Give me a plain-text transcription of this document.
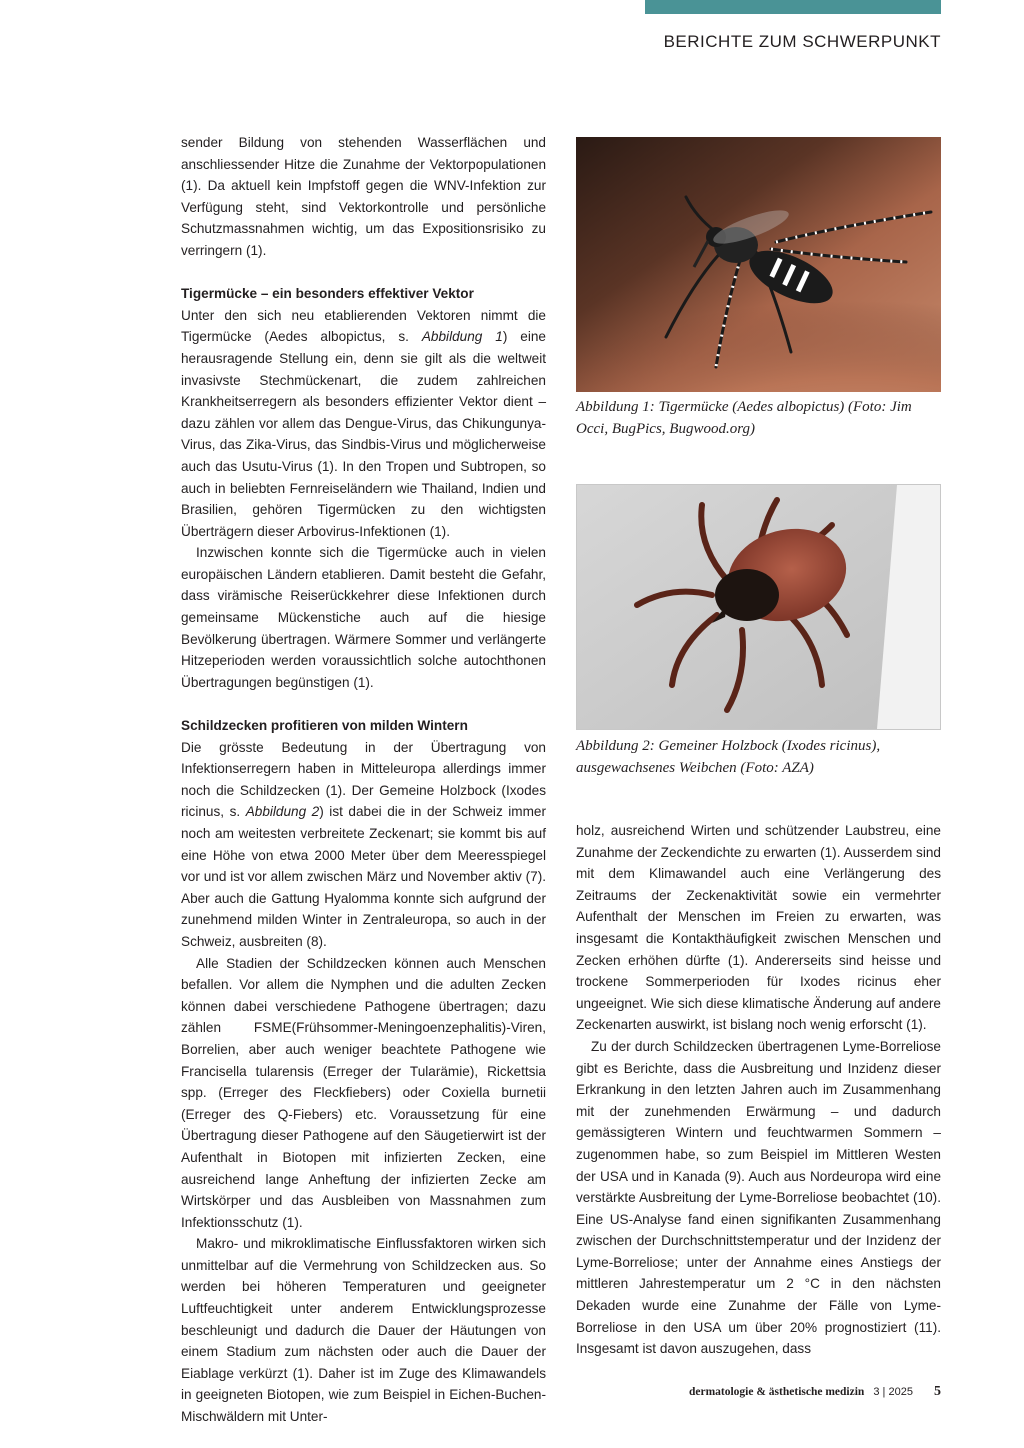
BERICHTE ZUM SCHWERPUNKT

sender Bildung von stehenden Wasserflächen und anschliessender Hitze die Zunahme der Vektorpopulationen (1). Da aktuell kein Impfstoff gegen die WNV-Infektion zur Verfügung steht, sind Vektorkontrolle und persönliche Schutzmassnahmen wichtig, um das Expositionsrisiko zu verringern (1).

Tigermücke – ein besonders effektiver Vektor

Unter den sich neu etablierenden Vektoren nimmt die Tigermücke (Aedes albopictus, s. Abbildung 1) eine herausragende Stellung ein, denn sie gilt als die weltweit invasivste Stechmückenart, die zudem zahlreichen Krankheitserregern als besonders effizienter Vektor dient – dazu zählen vor allem das Dengue-Virus, das Chikungunya-Virus, das Zika-Virus, das Sindbis-Virus und möglicherweise auch das Usutu-Virus (1). In den Tropen und Subtropen, so auch in beliebten Fernreiseländern wie Thailand, Indien und Brasilien, gehören Tigermücken zu den wichtigsten Überträgern dieser Arbovirus-Infektionen (1).

Inzwischen konnte sich die Tigermücke auch in vielen europäischen Ländern etablieren. Damit besteht die Gefahr, dass virämische Reiserückkehrer diese Infektionen durch gemeinsame Mückenstiche auch auf die hiesige Bevölkerung übertragen. Wärmere Sommer und verlängerte Hitzeperioden werden voraussichtlich solche autochthonen Übertragungen begünstigen (1).

Schildzecken profitieren von milden Wintern

Die grösste Bedeutung in der Übertragung von Infektionserregern haben in Mitteleuropa allerdings immer noch die Schildzecken (1). Der Gemeine Holzbock (Ixodes ricinus, s. Abbildung 2) ist dabei die in der Schweiz immer noch am weitesten verbreitete Zeckenart; sie kommt bis auf eine Höhe von etwa 2000 Meter über dem Meeresspiegel vor und ist vor allem zwischen März und November aktiv (7). Aber auch die Gattung Hyalomma konnte sich aufgrund der zunehmend milden Winter in Zentraleuropa, so auch in der Schweiz, ausbreiten (8).

Alle Stadien der Schildzecken können auch Menschen befallen. Vor allem die Nymphen und die adulten Zecken können dabei verschiedene Pathogene übertragen; dazu zählen FSME(Frühsommer-Meningoenzephalitis)-Viren, Borrelien, aber auch weniger beachtete Pathogene wie Francisella tularensis (Erreger der Tularämie), Rickettsia spp. (Erreger des Fleckfiebers) oder Coxiella burnetii (Erreger des Q-Fiebers) etc. Voraussetzung für eine Übertragung dieser Pathogene auf den Säugetierwirt ist der Aufenthalt in Biotopen mit infizierten Zecken, eine ausreichend lange Anheftung der infizierten Zecke am Wirtskörper und das Ausbleiben von Massnahmen zum Infektionsschutz (1).

Makro- und mikroklimatische Einflussfaktoren wirken sich unmittelbar auf die Vermehrung von Schildzecken aus. So werden bei höheren Temperaturen und geeigneter Luftfeuchtigkeit unter anderem Entwicklungsprozesse beschleunigt und dadurch die Dauer der Häutungen von einem Stadium zum nächsten oder auch die Dauer der Eiablage verkürzt (1). Daher ist im Zuge des Klimawandels in geeigneten Biotopen, wie zum Beispiel in Eichen-Buchen-Mischwäldern mit Unter-

Abbildung 1: Tigermücke (Aedes albopictus) (Foto: Jim Occi, BugPics, Bugwood.org)
Abbildung 2: Gemeiner Holzbock (Ixodes ricinus), ausgewachsenes Weibchen (Foto: AZA)

holz, ausreichend Wirten und schützender Laubstreu, eine Zunahme der Zeckendichte zu erwarten (1). Ausserdem sind mit dem Klimawandel auch eine Verlängerung des Zeitraums der Zeckenaktivität sowie ein vermehrter Aufenthalt der Menschen im Freien zu erwarten, was insgesamt die Kontakthäufigkeit zwischen Menschen und Zecken erhöhen dürfte (1). Andererseits sind heisse und trockene Sommerperioden für Ixodes ricinus eher ungeeignet. Wie sich diese klimatische Änderung auf andere Zeckenarten auswirkt, ist bislang noch wenig erforscht (1).

Zu der durch Schildzecken übertragenen Lyme-Borreliose gibt es Berichte, dass die Ausbreitung und Inzidenz dieser Erkrankung in den letzten Jahren auch im Zusammenhang mit der zunehmenden Erwärmung – und dadurch gemässigteren Wintern und feuchtwarmen Sommern – zugenommen habe, so zum Beispiel im Mittleren Westen der USA und in Kanada (9). Auch aus Nordeuropa wird eine verstärkte Ausbreitung der Lyme-Borreliose beobachtet (10). Eine US-Analyse fand einen signifikanten Zusammenhang zwischen der Durchschnittstemperatur und der Inzidenz der Lyme-Borreliose; unter der Annahme eines Anstiegs der mittleren Jahrestemperatur um 2 °C in den nächsten Dekaden wurde eine Zunahme der Fälle von Lyme-Borreliose in den USA um über 20% prognostiziert (11). Insgesamt ist davon auszugehen, dass

dermatologie & ästhetische medizin 3 | 2025 5
